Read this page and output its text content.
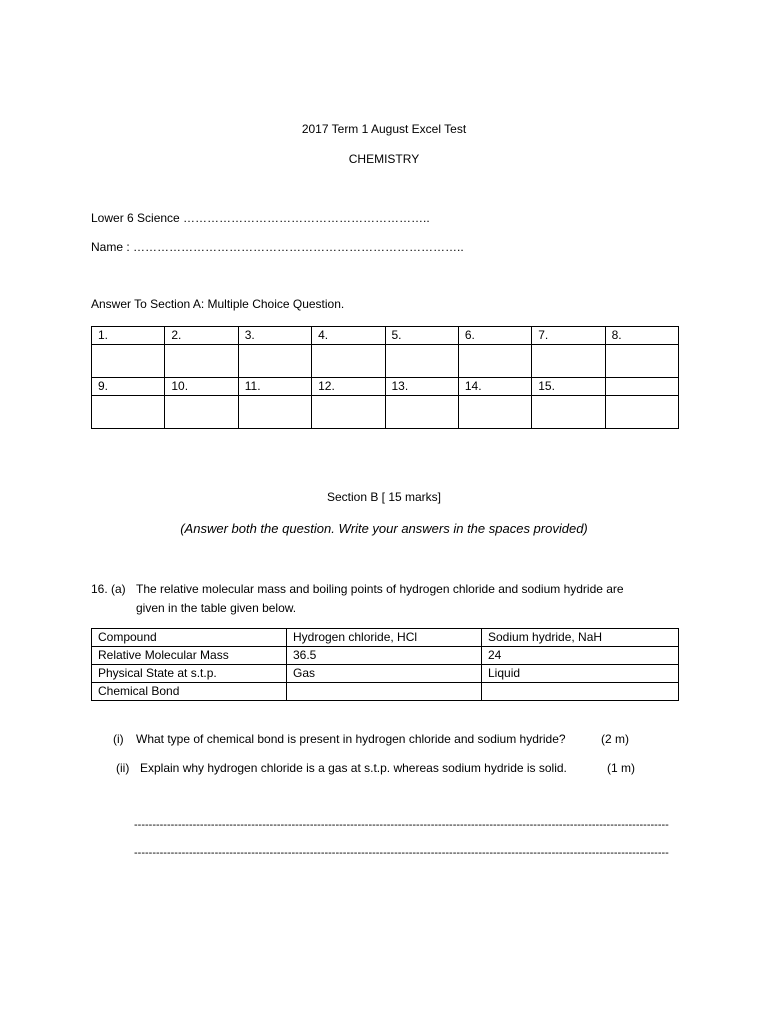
2017 Term 1 August Excel Test
CHEMISTRY
Lower 6 Science ……………………………………………………..
Name : ………………………………………………………………………..
Answer To Section A: Multiple Choice Question.
1.	2.	3.	4.	5.	6.	7.	8.

9.	10.	11.	12.	13.	14.	15.	

Section B [ 15 marks]
(Answer both the question. Write your answers in the spaces provided)
16. (a) The relative molecular mass and boiling points of hydrogen chloride and sodium hydride are
given in the table given below.
Compound	Hydrogen chloride, HCl	Sodium hydride, NaH
Relative Molecular Mass	36.5	24
Physical State at s.t.p.	Gas	Liquid
Chemical Bond		
(i) What type of chemical bond is present in hydrogen chloride and sodium hydride?	(2 m)
(ii) Explain why hydrogen chloride is a gas at s.t.p. whereas sodium hydride is solid.	(1 m)
--------------------------------------------------------------------------------------------------------------------------------------------------
--------------------------------------------------------------------------------------------------------------------------------------------------
